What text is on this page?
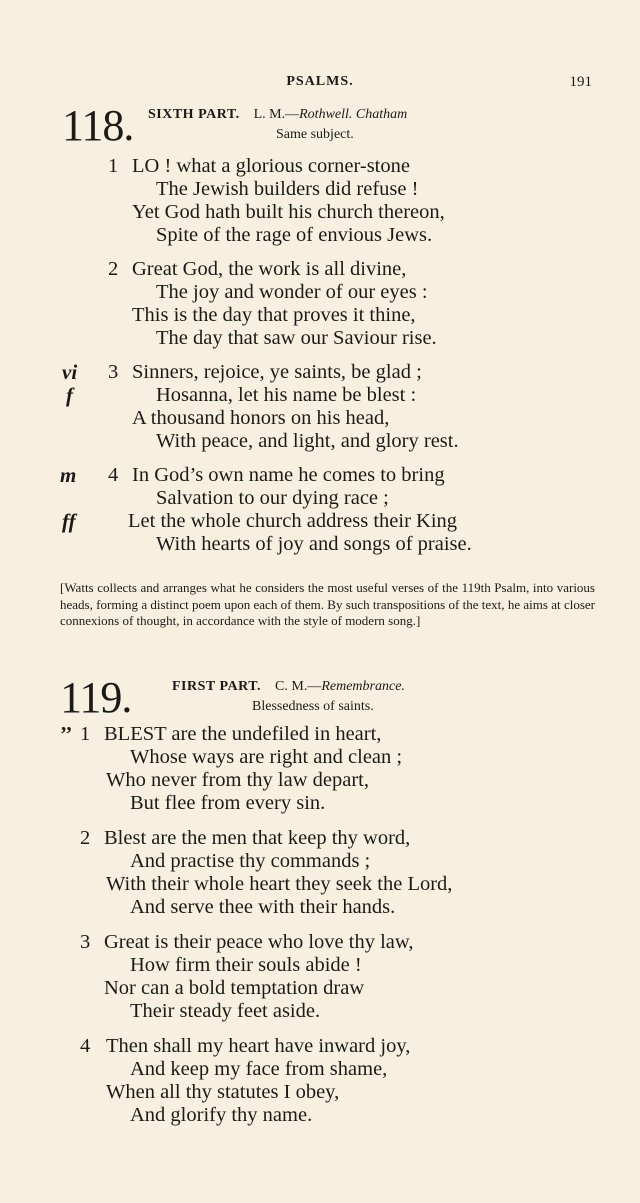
PSALMS.	191
118. SIXTH PART. L. M.—Rothwell. Chatham
Same subject.
1 LO ! what a glorious corner-stone
The Jewish builders did refuse !
Yet God hath built his church thereon,
Spite of the rage of envious Jews.
2 Great God, the work is all divine,
The joy and wonder of our eyes :
This is the day that proves it thine,
The day that saw our Saviour rise.
vi
f
3 Sinners, rejoice, ye saints, be glad ;
Hosanna, let his name be blest :
A thousand honors on his head,
With peace, and light, and glory rest.
m
ff
4 In God’s own name he comes to bring
Salvation to our dying race ;
Let the whole church address their King
With hearts of joy and songs of praise.
[Watts collects and arranges what he considers the most useful verses of the 119th Psalm, into various heads, forming a distinct poem upon each of them. By such transpositions of the text, he aims at closer connexions of thought, in accordance with the style of modern song.]
119.	FIRST PART. C. M.—Remembrance.
Blessedness of saints.
’’ 1 BLEST are the undefiled in heart,
Whose ways are right and clean ;
Who never from thy law depart,
But flee from every sin.
2 Blest are the men that keep thy word,
And practise thy commands ;
With their whole heart they seek the Lord,
And serve thee with their hands.
3 Great is their peace who love thy law,
How firm their souls abide !
Nor can a bold temptation draw
Their steady feet aside.
4 Then shall my heart have inward joy,
And keep my face from shame,
When all thy statutes I obey,
And glorify thy name.
